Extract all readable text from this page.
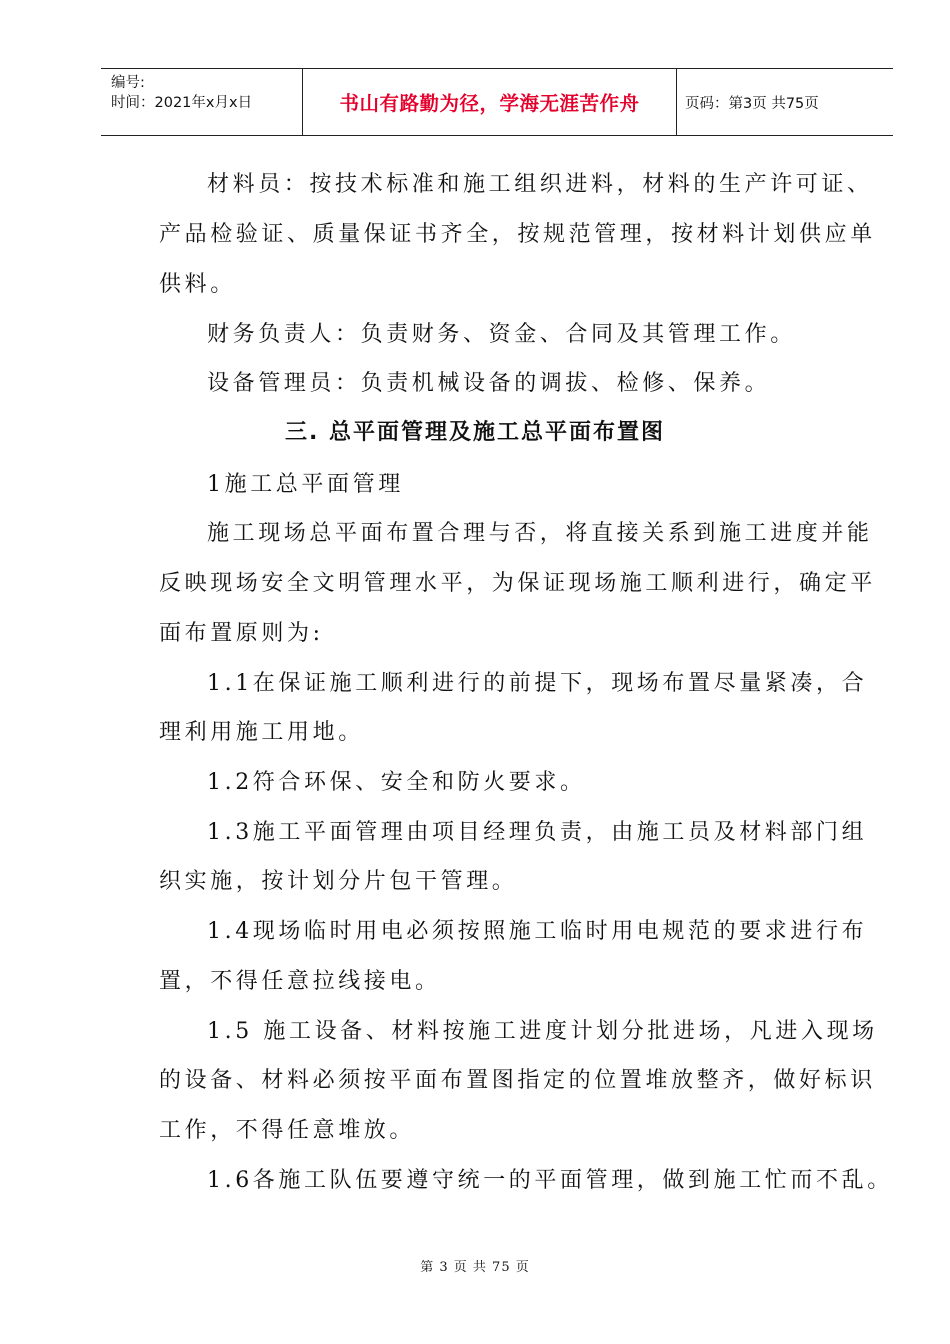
编号:
时间：2021年x月x日	书山有路勤为径，学海无涯苦作舟	页码：第3页 共75页
材料员：按技术标准和施工组织进料，材料的生产许可证、
产品检验证、质量保证书齐全，按规范管理，按材料计划供应单
供料。
财务负责人：负责财务、资金、合同及其管理工作。
设备管理员：负责机械设备的调拔、检修、保养。
三. 总平面管理及施工总平面布置图
1施工总平面管理
施工现场总平面布置合理与否，将直接关系到施工进度并能
反映现场安全文明管理水平，为保证现场施工顺利进行，确定平
面布置原则为:
1.1在保证施工顺利进行的前提下，现场布置尽量紧凑，合
理利用施工用地。
1.2符合环保、安全和防火要求。
1.3施工平面管理由项目经理负责，由施工员及材料部门组
织实施，按计划分片包干管理。
1.4现场临时用电必须按照施工临时用电规范的要求进行布
置，不得任意拉线接电。
1.5 施工设备、材料按施工进度计划分批进场，凡进入现场
的设备、材料必须按平面布置图指定的位置堆放整齐，做好标识
工作，不得任意堆放。
1.6各施工队伍要遵守统一的平面管理，做到施工忙而不乱。
第 3 页 共 75 页
